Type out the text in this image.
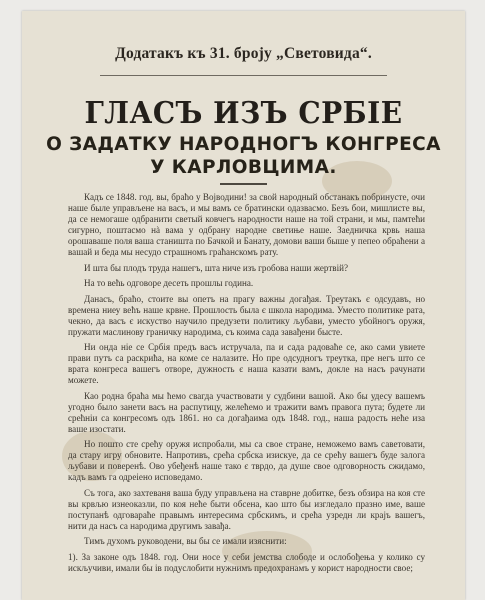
Додатакъ къ 31. броју „Световида“.
ГЛАСЪ ИЗЪ СРБІЕ
О ЗАДАТКУ НАРОДНОГЪ КОНГРЕСА
У КАРЛОВЦИМА.

Кадъ се 1848. год. вы, браћо у Војводини! за свой народный обстанакъ побринусте, очи наше быле управљене на васъ, и мы вамъ се братински одазвасмо. Безъ бои, мишлисте вы, да се немогаше одбранити светый ковчегъ народности наше на той страни, и мы, памтећи сигурно, поштасмо нà вама у одбрану народне светиње наше. Заедничка крвь наша орошаваше поля ваша станишта по Бачкой и Банату, домови ваши быше у пепео обраћени а вашай и беда мы несудо страшномъ граћанскомъ рату.

И шта бы плодъ труда нашегъ, шта ниче изъ гробова наши жертвій?

На то већь одговоре десеть прошлы година.

Данасъ, браћо, стоите вы опетъ на прагу важны догађая. Треутакъ є одсудавъ, но времена ниеу већъ наше крвне. Прошлость была є школа народима. Уместо политике рата, чекно, да васъ є искуство научило предузети политику љубави, уместо убойногъ оружя, пружати маслинову граничку народима, съ коима сада завађени бысте.

Ни онда ніе се Србія предъ васъ истручала, па и сада радоваће се, ако сами увиете прави путъ са раскрића, на коме се налазите. Но пре одсудногъ треутка, пре негъ што се врата конгреса вашегъ отворе, дужность є наша казати вамъ, докле на насъ рачунати можете.

Као родна браћа мы ћемо свагда участвовати у судбини вашой. Ако бы удесу вашемъ угодно было занети васъ на распутицу, желећемо и тражити вамъ правога пута; будете ли срећніи са конгресомъ одъ 1861. но са догађаима одъ 1848. год., наша радость неће иза ваше изостати.

Но пошто сте срећу оружя испробали, мы са свое стране, неможемо вамъ саветовати, да стару игру обновите. Напротивъ, срећа србска изискуе, да се срећу вашегъ буде залога љубави и поверенѣ. Ово убеђенѣ наше тако є тврдо, да душе свое одговорность сжидамо, кадъ вамъ га одреіено исповедамо.

Съ тога, ако захтеваня ваша буду управљена на ставрне добитке, безъ обзира на коя сте вы крвљю изнеоказли, по коя неће быти обсена, као што бы изгледало празно име, ваше поступанѣ одговараће правымъ интересима србскимъ, и срећа узредн ли крајъ вашегъ, нити да насъ са народима другимъ завађа.

Тимъ духомъ руководени, вы бы се имали изяснити:

1). За законе одъ 1848. год. Они носе у себи јемства слободе и ослобођења у колико су искључиви, имали бы ів подуслобити нужнимъ предохранамъ у корист народности свое;
